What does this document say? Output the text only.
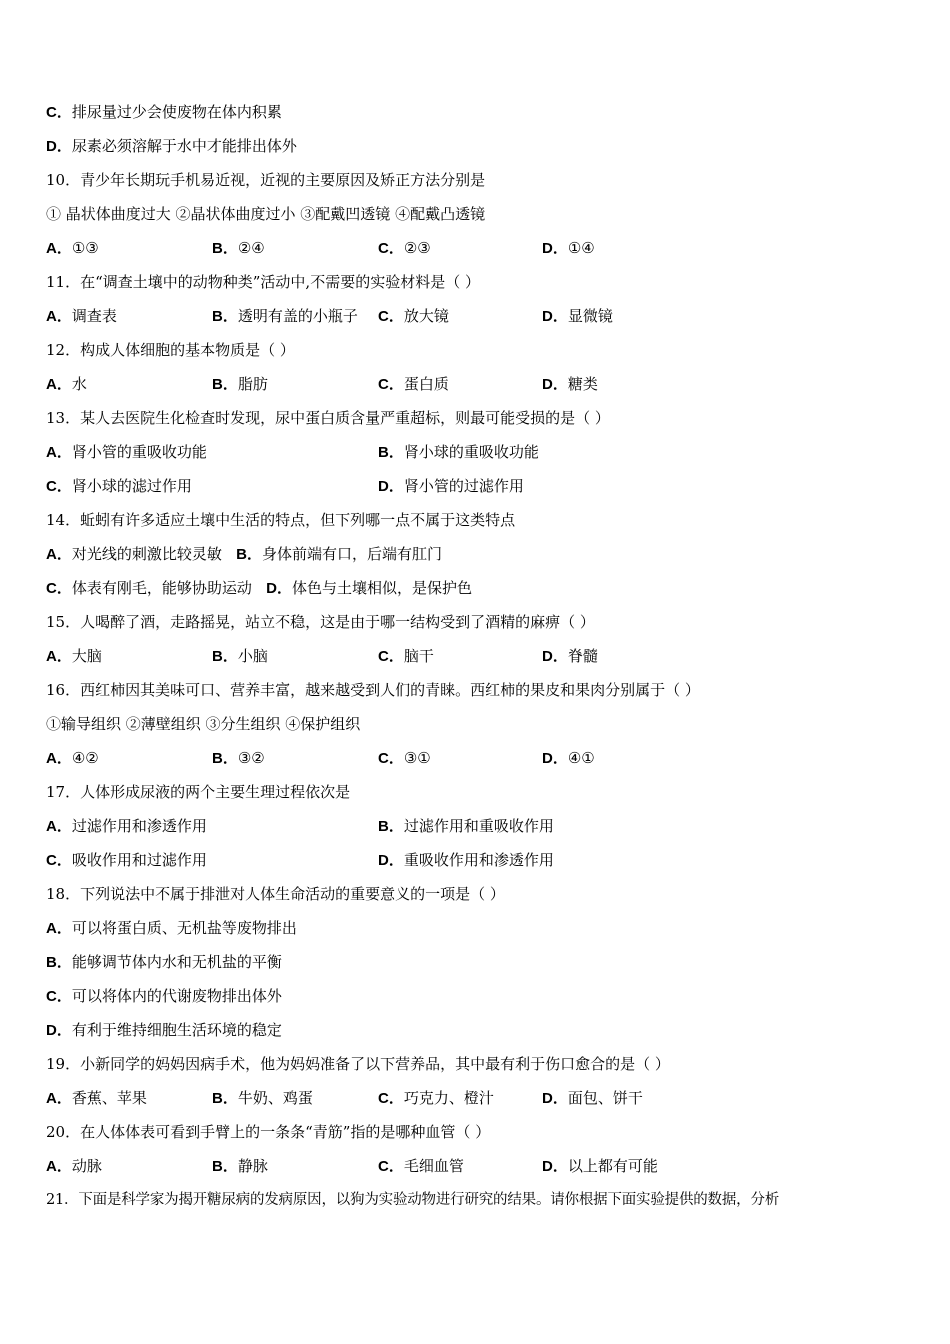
C．排尿量过少会使废物在体内积累
D．尿素必须溶解于水中才能排出体外
10．青少年长期玩手机易近视，近视的主要原因及矫正方法分别是
① 晶状体曲度过大 ②晶状体曲度过小 ③配戴凹透镜 ④配戴凸透镜
A．①③	B．②④	C．②③	D．①④
11．在“调查土壤中的动物种类”活动中,不需要的实验材料是（ ）
A．调查表	B．透明有盖的小瓶子 C．放大镜	D．显微镜
12．构成人体细胞的基本物质是（ ）
A．水	B．脂肪	C．蛋白质	D．糖类
13．某人去医院生化检查时发现，尿中蛋白质含量严重超标，则最可能受损的是（ ）
A．肾小管的重吸收功能	B．肾小球的重吸收功能
C．肾小球的滤过作用	D．肾小管的过滤作用
14．蚯蚓有许多适应土壤中生活的特点，但下列哪一点不属于这类特点
A．对光线的刺激比较灵敏 B．身体前端有口，后端有肛门
C．体表有刚毛，能够协助运动 D．体色与土壤相似，是保护色
15．人喝醉了酒，走路摇晃，站立不稳，这是由于哪一结构受到了酒精的麻痹（ ）
A．大脑	B．小脑	C．脑干	D．脊髓
16．西红柿因其美味可口、营养丰富，越来越受到人们的青睐。西红柿的果皮和果肉分别属于（ ）
①输导组织 ②薄壁组织 ③分生组织 ④保护组织
A．④②	B．③②	C．③①	D．④①
17．人体形成尿液的两个主要生理过程依次是
A．过滤作用和渗透作用	B．过滤作用和重吸收作用
C．吸收作用和过滤作用	D．重吸收作用和渗透作用
18．下列说法中不属于排泄对人体生命活动的重要意义的一项是（ ）
A．可以将蛋白质、无机盐等废物排出
B．能够调节体内水和无机盐的平衡
C．可以将体内的代谢废物排出体外
D．有利于维持细胞生活环境的稳定
19．小新同学的妈妈因病手术，他为妈妈准备了以下营养品，其中最有利于伤口愈合的是（ ）
A．香蕉、苹果	B．牛奶、鸡蛋	C．巧克力、橙汁	D．面包、饼干
20．在人体体表可看到手臂上的一条条“青筋”指的是哪种血管（ ）
A．动脉	B．静脉	C．毛细血管	D．以上都有可能
21．下面是科学家为揭开糖尿病的发病原因，以狗为实验动物进行研究的结果。请你根据下面实验提供的数据，分析
